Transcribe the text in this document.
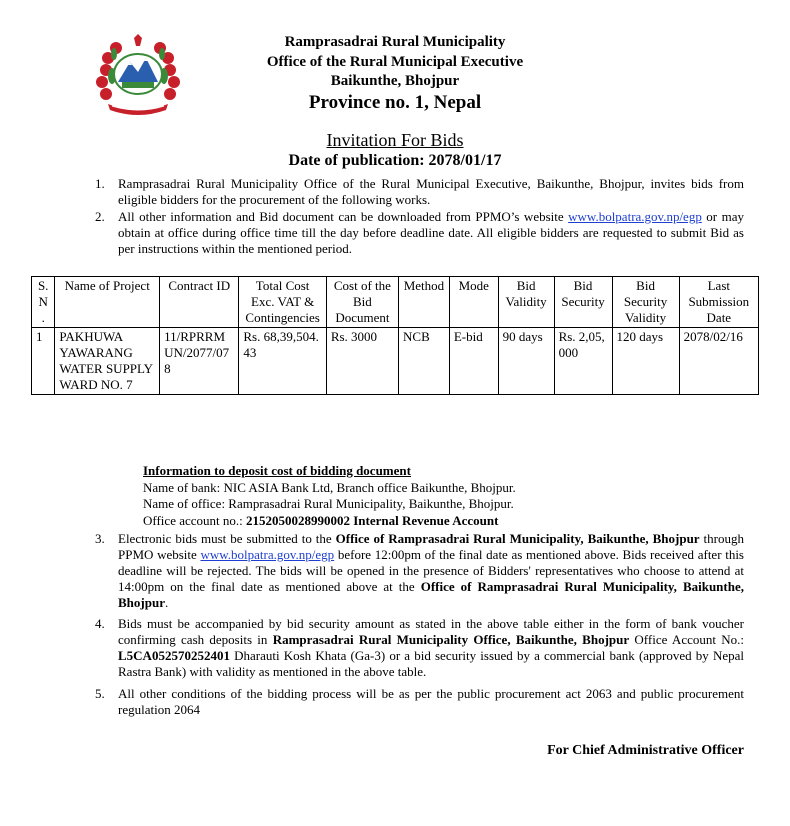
Ramprasadrai Rural Municipality
Office of the Rural Municipal Executive
Baikunthe, Bhojpur
Province no. 1, Nepal
Invitation For Bids
Date of publication: 2078/01/17
1. Ramprasadrai Rural Municipality Office of the Rural Municipal Executive, Baikunthe, Bhojpur, invites bids from eligible bidders for the procurement of the following works.
2. All other information and Bid document can be downloaded from PPMO’s website www.bolpatra.gov.np/egp or may obtain at office during office time till the day before deadline date. All eligible bidders are requested to submit Bid as per instructions within the mentioned period.
S. N .	Name of Project	Contract ID	Total Cost Exc. VAT & Contingencies	Cost of the Bid Document	Method	Mode	Bid Validity	Bid Security	Bid Security Validity	Last Submission Date
1	PAKHUWA YAWARANG WATER SUPPLY WARD NO. 7	11/RPRRMUN/2077/078	Rs. 68,39,504.43	Rs. 3000	NCB	E-bid	90 days	Rs. 2,05,000	120 days	2078/02/16
Information to deposit cost of bidding document
Name of bank: NIC ASIA Bank Ltd, Branch office Baikunthe, Bhojpur.
Name of office: Ramprasadrai Rural Municipality, Baikunthe, Bhojpur.
Office account no.: 2152050028990002 Internal Revenue Account
3. Electronic bids must be submitted to the Office of Ramprasadrai Rural Municipality, Baikunthe, Bhojpur through PPMO website www.bolpatra.gov.np/egp before 12:00pm of the final date as mentioned above. Bids received after this deadline will be rejected. The bids will be opened in the presence of Bidders' representatives who choose to attend at 14:00pm on the final date as mentioned above at the Office of Ramprasadrai Rural Municipality, Baikunthe, Bhojpur.
4. Bids must be accompanied by bid security amount as stated in the above table either in the form of bank voucher confirming cash deposits in Ramprasadrai Rural Municipality Office, Baikunthe, Bhojpur Office Account No.: L5CA052570252401 Dharauti Kosh Khata (Ga-3) or a bid security issued by a commercial bank (approved by Nepal Rastra Bank) with validity as mentioned in the above table.
5. All other conditions of the bidding process will be as per the public procurement act 2063 and public procurement regulation 2064
For Chief Administrative Officer
